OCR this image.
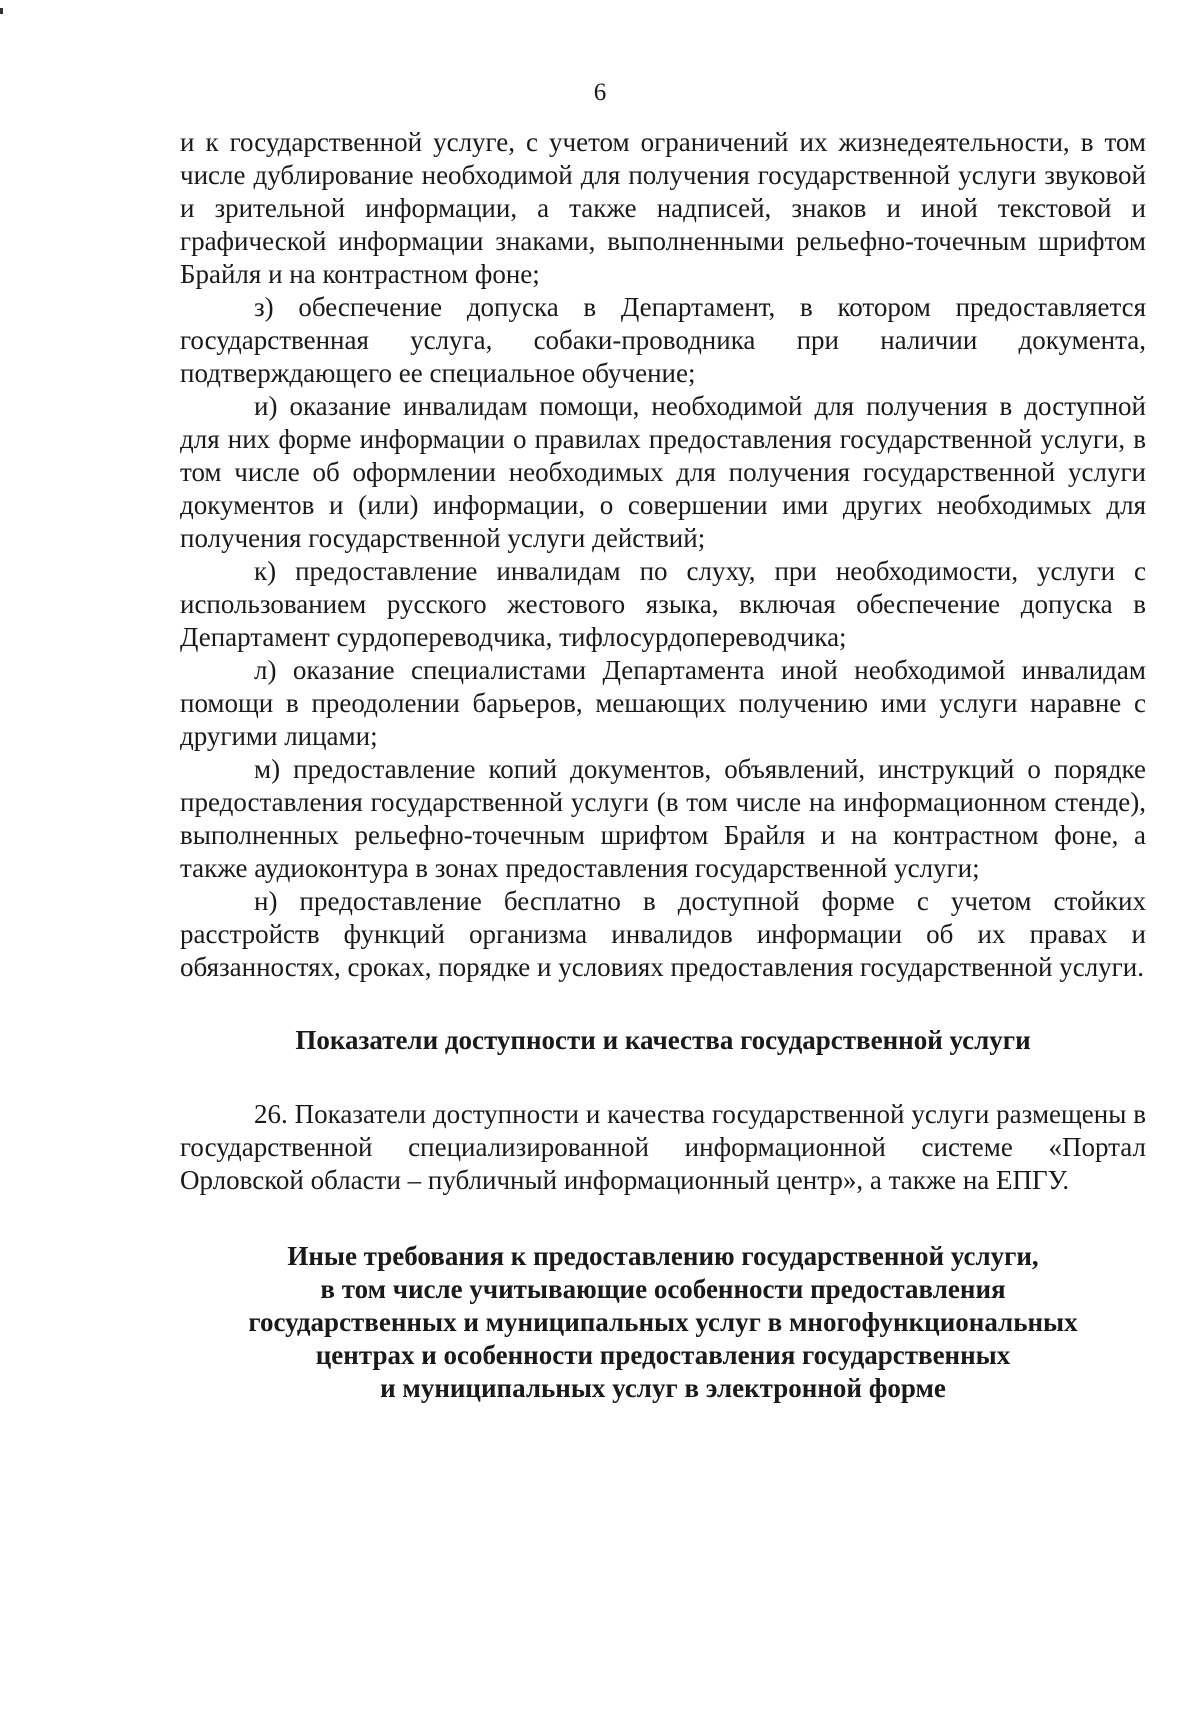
6

и к государственной услуге, с учетом ограничений их жизнедеятельности, в том числе дублирование необходимой для получения государственной услуги звуковой и зрительной информации, а также надписей, знаков и иной текстовой и графической информации знаками, выполненными рельефно-точечным шрифтом Брайля и на контрастном фоне;

з) обеспечение допуска в Департамент, в котором предоставляется государственная услуга, собаки-проводника при наличии документа, подтверждающего ее специальное обучение;

и) оказание инвалидам помощи, необходимой для получения в доступной для них форме информации о правилах предоставления государственной услуги, в том числе об оформлении необходимых для получения государственной услуги документов и (или) информации, о совершении ими других необходимых для получения государственной услуги действий;

к) предоставление инвалидам по слуху, при необходимости, услуги с использованием русского жестового языка, включая обеспечение допуска в Департамент сурдопереводчика, тифлосурдопереводчика;

л) оказание специалистами Департамента иной необходимой инвалидам помощи в преодолении барьеров, мешающих получению ими услуги наравне с другими лицами;

м) предоставление копий документов, объявлений, инструкций о порядке предоставления государственной услуги (в том числе на информационном стенде), выполненных рельефно-точечным шрифтом Брайля и на контрастном фоне, а также аудиоконтура в зонах предоставления государственной услуги;

н) предоставление бесплатно в доступной форме с учетом стойких расстройств функций организма инвалидов информации об их правах и обязанностях, сроках, порядке и условиях предоставления государственной услуги.

Показатели доступности и качества государственной услуги

26. Показатели доступности и качества государственной услуги размещены в государственной специализированной информационной системе «Портал Орловской области – публичный информационный центр», а также на ЕПГУ.

Иные требования к предоставлению государственной услуги,
в том числе учитывающие особенности предоставления
государственных и муниципальных услуг в многофункциональных
центрах и особенности предоставления государственных
и муниципальных услуг в электронной форме
